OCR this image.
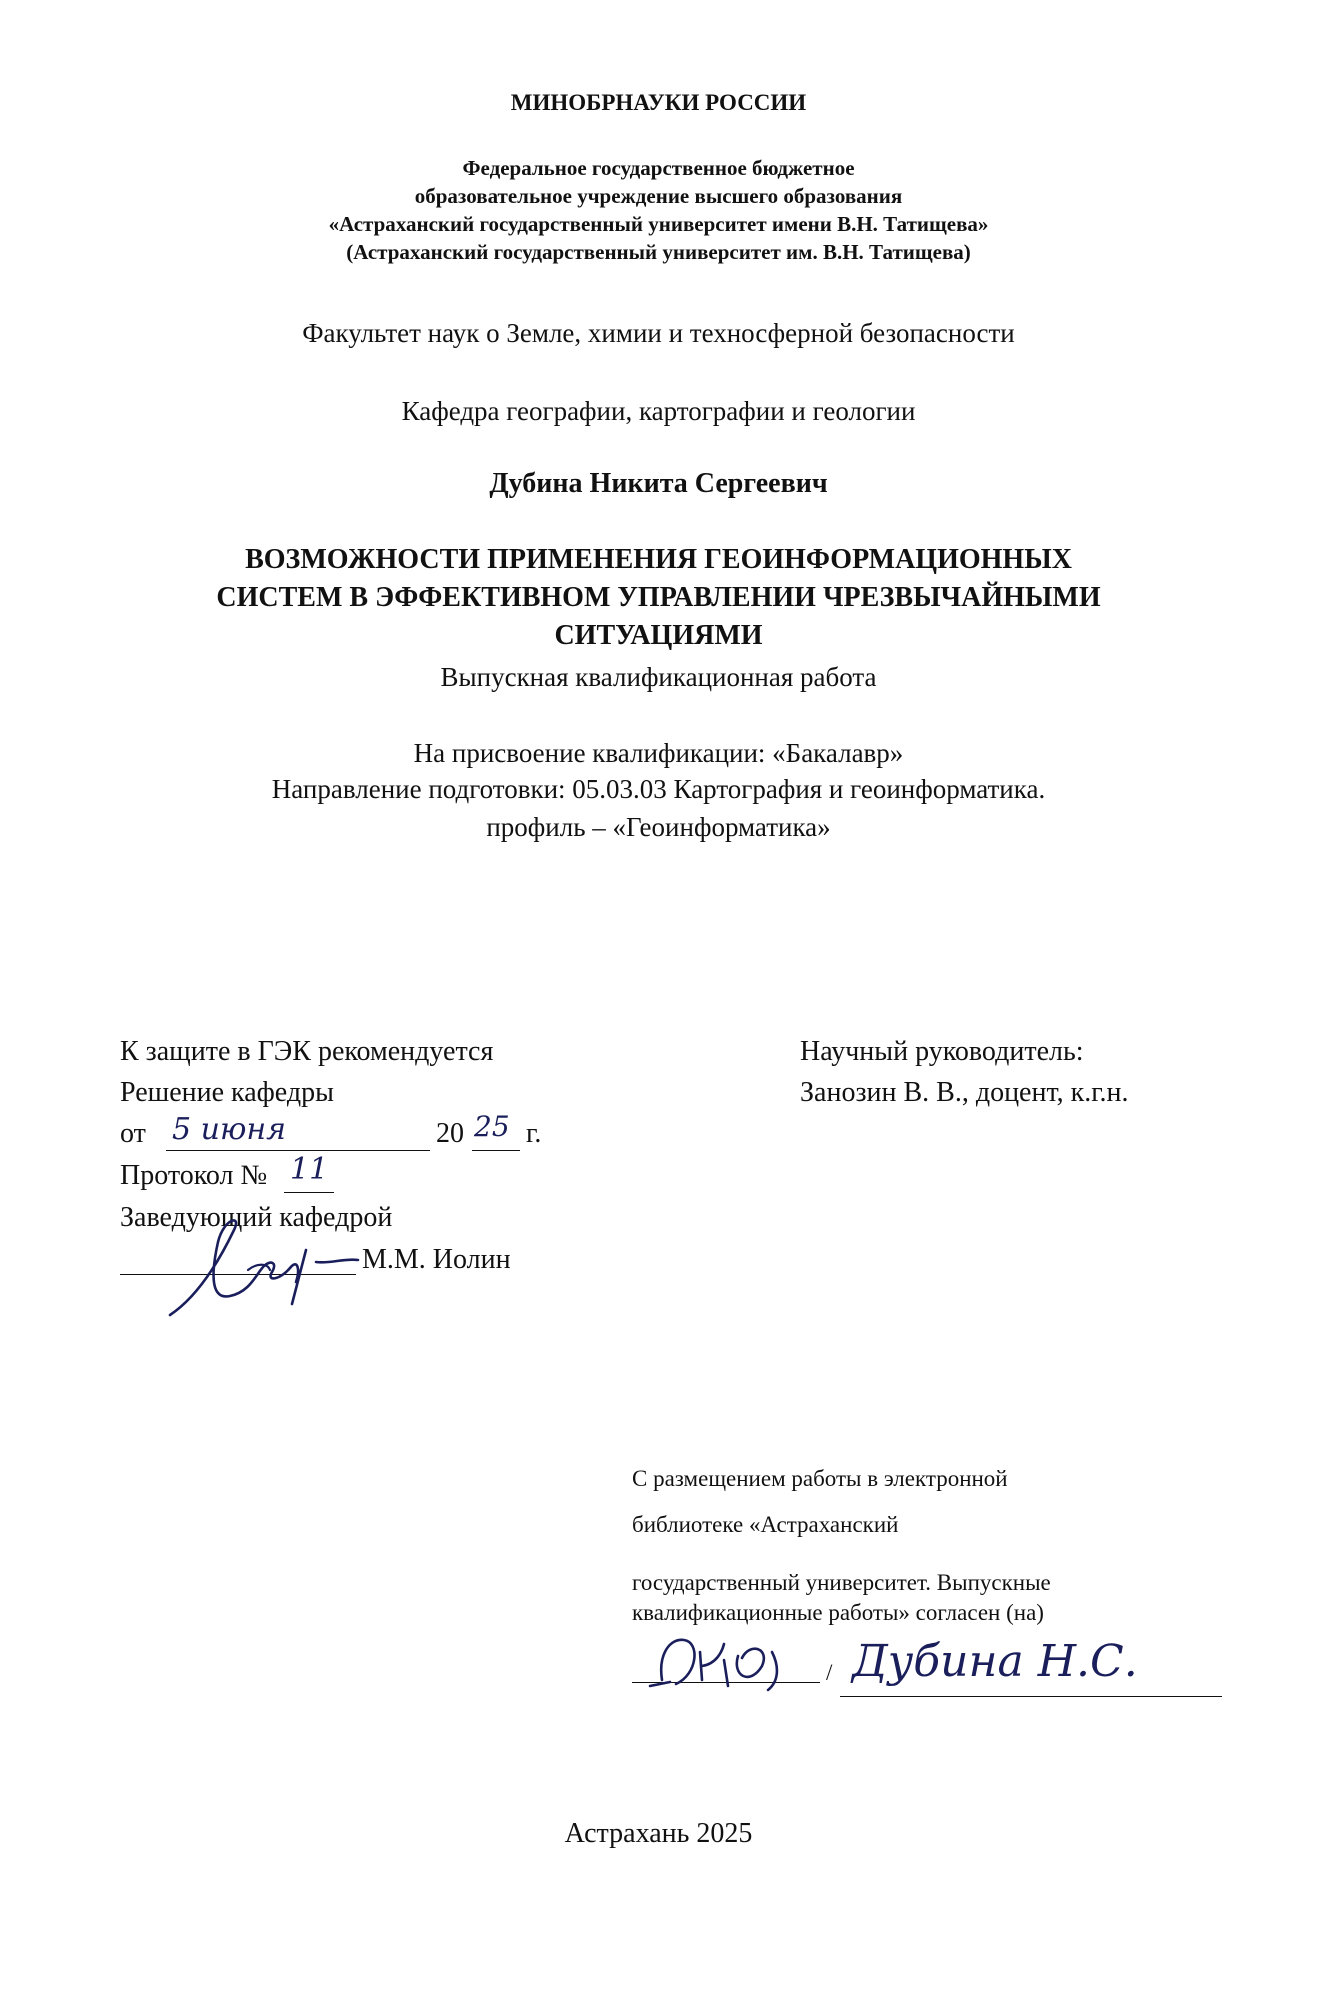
МИНОБРНАУКИ РОССИИ
Федеральное государственное бюджетное
образовательное учреждение высшего образования
«Астраханский государственный университет имени В.Н. Татищева»
(Астраханский государственный университет им. В.Н. Татищева)
Факультет наук о Земле, химии и техносферной безопасности
Кафедра географии, картографии и геологии
Дубина Никита Сергеевич
ВОЗМОЖНОСТИ ПРИМЕНЕНИЯ ГЕОИНФОРМАЦИОННЫХ
СИСТЕМ В ЭФФЕКТИВНОМ УПРАВЛЕНИИ ЧРЕЗВЫЧАЙНЫМИ
СИТУАЦИЯМИ
Выпускная квалификационная работа
На присвоение квалификации: «Бакалавр»
Направление подготовки: 05.03.03 Картография и геоинформатика.
профиль – «Геоинформатика»
К защите в ГЭК рекомендуется
Решение кафедры
от 5 июня	20 25 г.
Протокол № 11
Заведующий кафедрой
М.М. Иолин
Научный руководитель:
Занозин В. В., доцент, к.г.н.
С размещением работы в электронной
библиотеке «Астраханский
государственный университет. Выпускные
квалификационные работы» согласен (на)
/ Дубина Н.С.
Астрахань 2025
